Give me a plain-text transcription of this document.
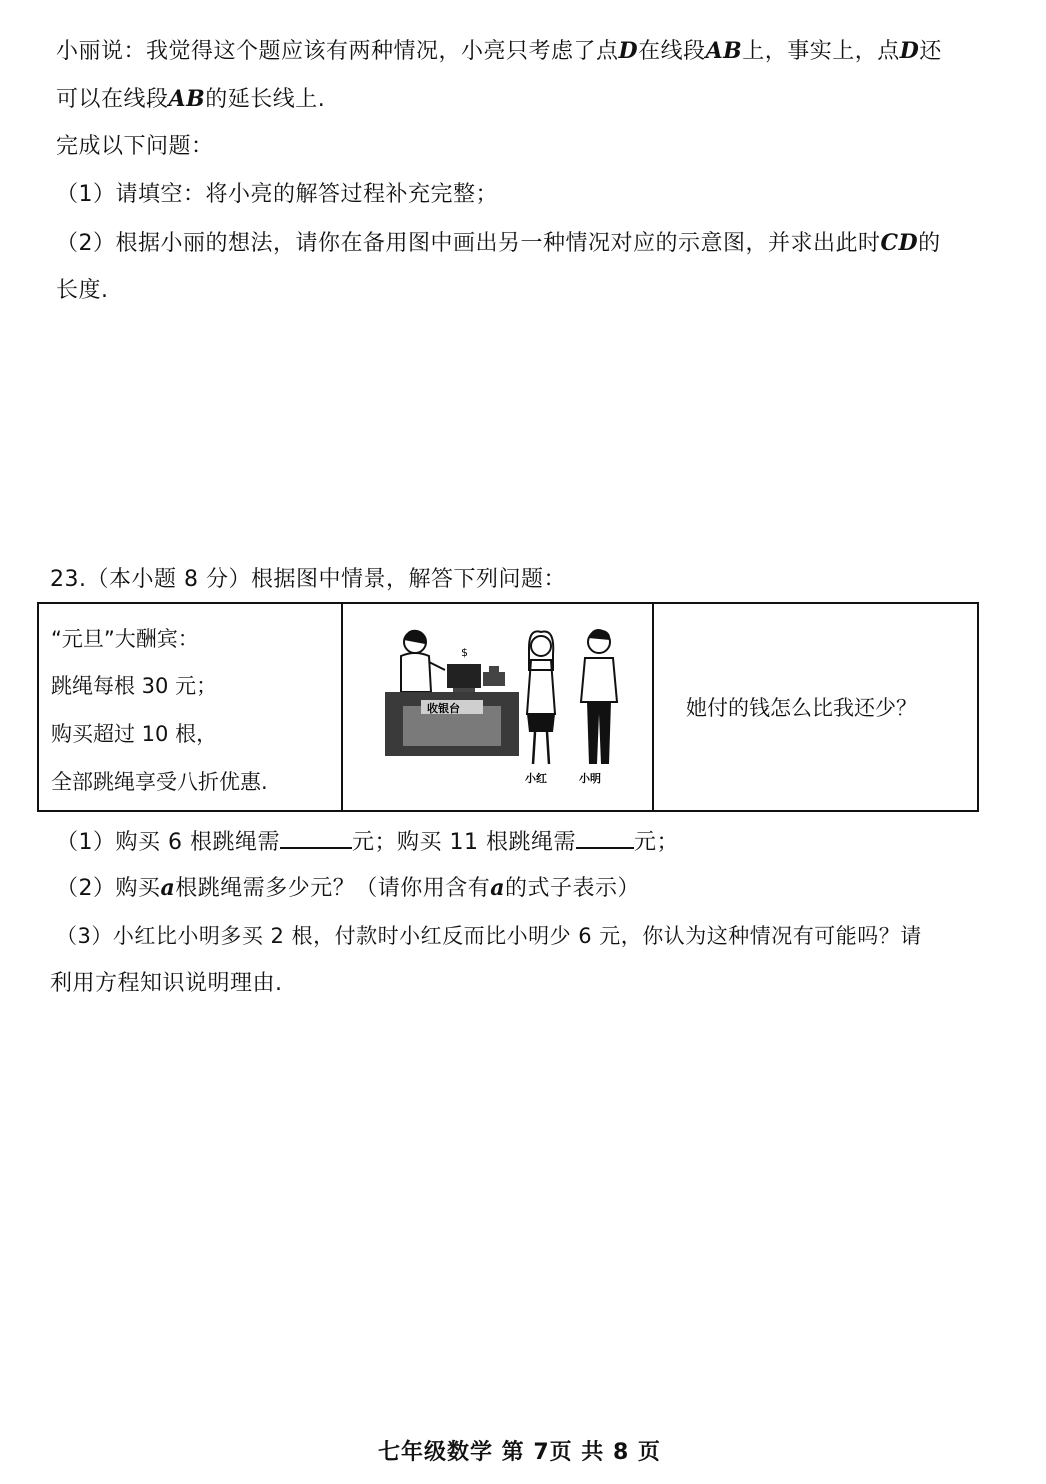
小丽说：我觉得这个题应该有两种情况，小亮只考虑了点D在线段AB上，事实上，点D还
可以在线段AB的延长线上.
完成以下问题：
（1）请填空：将小亮的解答过程补充完整；
（2）根据小丽的想法，请你在备用图中画出另一种情况对应的示意图，并求出此时CD的
长度.
23.（本小题 8 分）根据图中情景，解答下列问题：
“元旦”大酬宾：
跳绳每根 30 元；
购买超过 10 根，
全部跳绳享受八折优惠.
$
收银台
小红	小明
她付的钱怎么比我还少？
（1）购买 6 根跳绳需	元；购买 11 根跳绳需	元；
（2）购买a根跳绳需多少元？（请你用含有a的式子表示）
（3）小红比小明多买 2 根，付款时小红反而比小明少 6 元，你认为这种情况有可能吗？请
利用方程知识说明理由.
七年级数学 第 7页 共 8 页
